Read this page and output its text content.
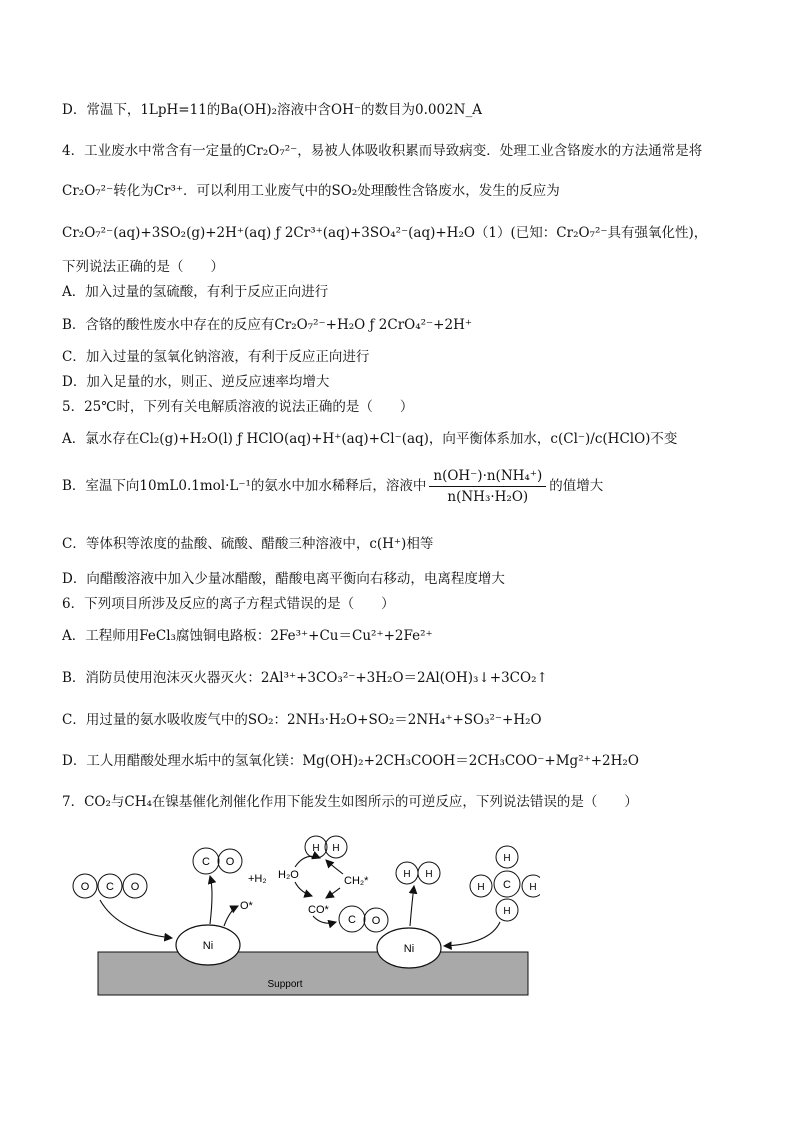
D．常温下，1LpH=11的Ba(OH)₂溶液中含OH⁻的数目为0.002N_A
4．工业废水中常含有一定量的Cr₂O₇²⁻，易被人体吸收积累而导致病变．处理工业含铬废水的方法通常是将
Cr₂O₇²⁻转化为Cr³⁺．可以利用工业废气中的SO₂处理酸性含铬废水，发生的反应为
Cr₂O₇²⁻(aq)+3SO₂(g)+2H⁺(aq) ƒ 2Cr³⁺(aq)+3SO₄²⁻(aq)+H₂O（1）(已知：Cr₂O₇²⁻具有强氧化性)，
下列说法正确的是（　　）
A．加入过量的氢硫酸，有利于反应正向进行
B．含铬的酸性废水中存在的反应有Cr₂O₇²⁻+H₂O ƒ 2CrO₄²⁻+2H⁺
C．加入过量的氢氧化钠溶液，有利于反应正向进行
D．加入足量的水，则正、逆反应速率均增大
5．25℃时，下列有关电解质溶液的说法正确的是（　　）
A．氯水存在Cl₂(g)+H₂O(l) ƒ HClO(aq)+H⁺(aq)+Cl⁻(aq)，向平衡体系加水，c(Cl⁻)/c(HClO)不变
B．室温下向10mL0.1mol·L⁻¹的氨水中加水稀释后，溶液中 $\frac{\text{n(OH⁻)·n(NH₄⁺)}}{\text{n(NH₃·H₂O)}}$ 的值增大
C．等体积等浓度的盐酸、硫酸、醋酸三种溶液中，c(H⁺)相等
D．向醋酸溶液中加入少量冰醋酸，醋酸电离平衡向右移动，电离程度增大
6．下列项目所涉及反应的离子方程式错误的是（　　）
A．工程师用FeCl₃腐蚀铜电路板：2Fe³⁺+Cu＝Cu²⁺+2Fe²⁺
B．消防员使用泡沫灭火器灭火：2Al³⁺+3CO₃²⁻+3H₂O＝2Al(OH)₃↓+3CO₂↑
C．用过量的氨水吸收废气中的SO₂：2NH₃·H₂O+SO₂＝2NH₄⁺+SO₃²⁻+H₂O
D．工人用醋酸处理水垢中的氢氧化镁：Mg(OH)₂+2CH₃COOH＝2CH₃COO⁻+Mg²⁺+2H₂O
7．CO₂与CH₄在镍基催化剂催化作用下能发生如图所示的可逆反应，下列说法错误的是（　　）
Support
Ni	Ni
O C O
C O
H H
C O
H H
H
H C H
H
+H₂ H₂O	CH₂*
O*	CO*
